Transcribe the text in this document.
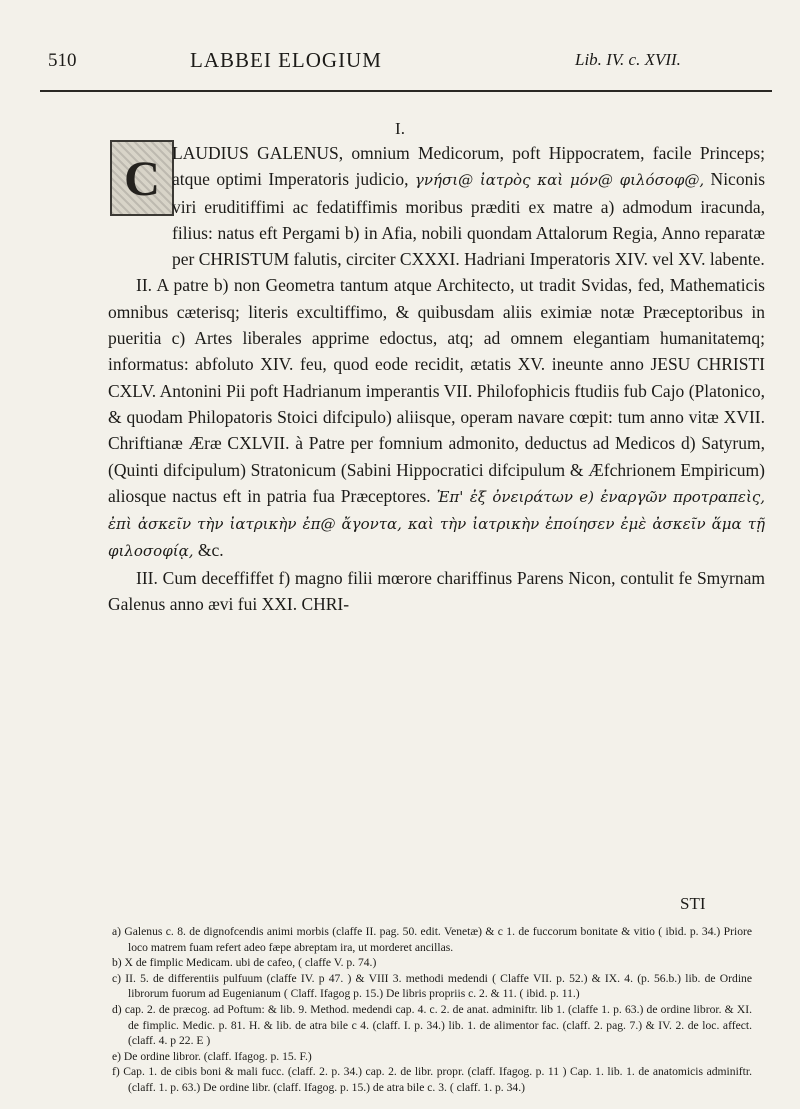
510	LABBEI ELOGIUM	Lib. IV. c. XVII.
I.
C LAUDIUS GALENUS, omnium Medicorum, poft Hippocratem, facile Princeps; atque optimi Imperatoris judicio, γνήσι@ ἰατρὸς καὶ μόν@ φιλόσοφ@, Niconis viri eruditiffimi ac fedatiffimis moribus præditi ex matre a) admodum iracunda, filius: natus eft Pergami b) in Afia, nobili quondam Attalorum Regia, Anno reparatæ per CHRISTUM falutis, circiter CXXXI. Hadriani Imperatoris XIV. vel XV. labente.

II. A patre b) non Geometra tantum atque Architecto, ut tradit Svidas, fed, Mathematicis omnibus cæterisq; literis excultiffimo, & quibusdam aliis eximiæ notæ Præceptoribus in pueritia c) Artes liberales apprime edoctus, atq; ad omnem elegantiam humanitatemq; informatus: abfoluto XIV. feu, quod eode recidit, ætatis XV. ineunte anno JESU CHRISTI CXLV. Antonini Pii poft Hadrianum imperantis VII. Philofophicis ftudiis fub Cajo (Platonico, & quodam Philopatoris Stoici difcipulo) aliisque, operam navare cœpit: tum anno vitæ XVII. Chriftianæ Æræ CXLVII. à Patre per fomnium admonito, deductus ad Medicos d) Satyrum, (Quinti difcipulum) Stratonicum (Sabini Hippocratici difcipulum & Æfchrionem Empiricum) aliosque nactus eft in patria fua Præceptores. Ἐπ' ἐξ ὀνειράτων e) ἐναργῶν προτραπεὶς, ἐπὶ ἀσκεῖν τὴν ἰατρικὴν ἐπ@ ἄγοντα, καὶ τὴν ἰατρικὴν ἐποίησεν ἐμὲ ἀσκεῖν ἅμα τῇ φιλοσοφίᾳ, &c.

III. Cum deceffiffet f) magno filii mœrore chariffinus Parens Nicon, contulit fe Smyrnam Galenus anno ævi fui XXI. CHRI-

STI

a) Galenus c. 8. de dignofcendis animi morbis (claffe II. pag. 50. edit. Venetæ) & c 1. de fuccorum bonitate & vitio ( ibid. p. 34.) Priore loco matrem fuam refert adeo fæpe abreptam ira, ut morderet ancillas.

b) X de fimplic Medicam. ubi de cafeo, ( claffe V. p. 74.)

c) II. 5. de differentiis pulfuum (claffe IV. p 47. ) & VIII 3. methodi medendi ( Claffe VII. p. 52.) & IX. 4. (p. 56.b.) lib. de Ordine librorum fuorum ad Eugenianum ( Claff. Ifagog p. 15.) De libris propriis c. 2. & 11. ( ibid. p. 11.)

d) cap. 2. de præcog. ad Poftum: & lib. 9. Method. medendi cap. 4. c. 2. de anat. adminiftr. lib 1. (claffe 1. p. 63.) de ordine libror. & XI. de fimplic. Medic. p. 81. H. & lib. de atra bile c 4. (claff. I. p. 34.) lib. 1. de alimentor fac. (claff. 2. pag. 7.) & IV. 2. de loc. affect. (claff. 4. p 22. E )

e) De ordine libror. (claff. Ifagog. p. 15. F.)

f) Cap. 1. de cibis boni & mali fucc. (claff. 2. p. 34.) cap. 2. de libr. propr. (claff. Ifagog. p. 11 ) Cap. 1. lib. 1. de anatomicis adminiftr. (claff. 1. p. 63.) De ordine libr. (claff. Ifagog. p. 15.) de atra bile c. 3. ( claff. 1. p. 34.)
